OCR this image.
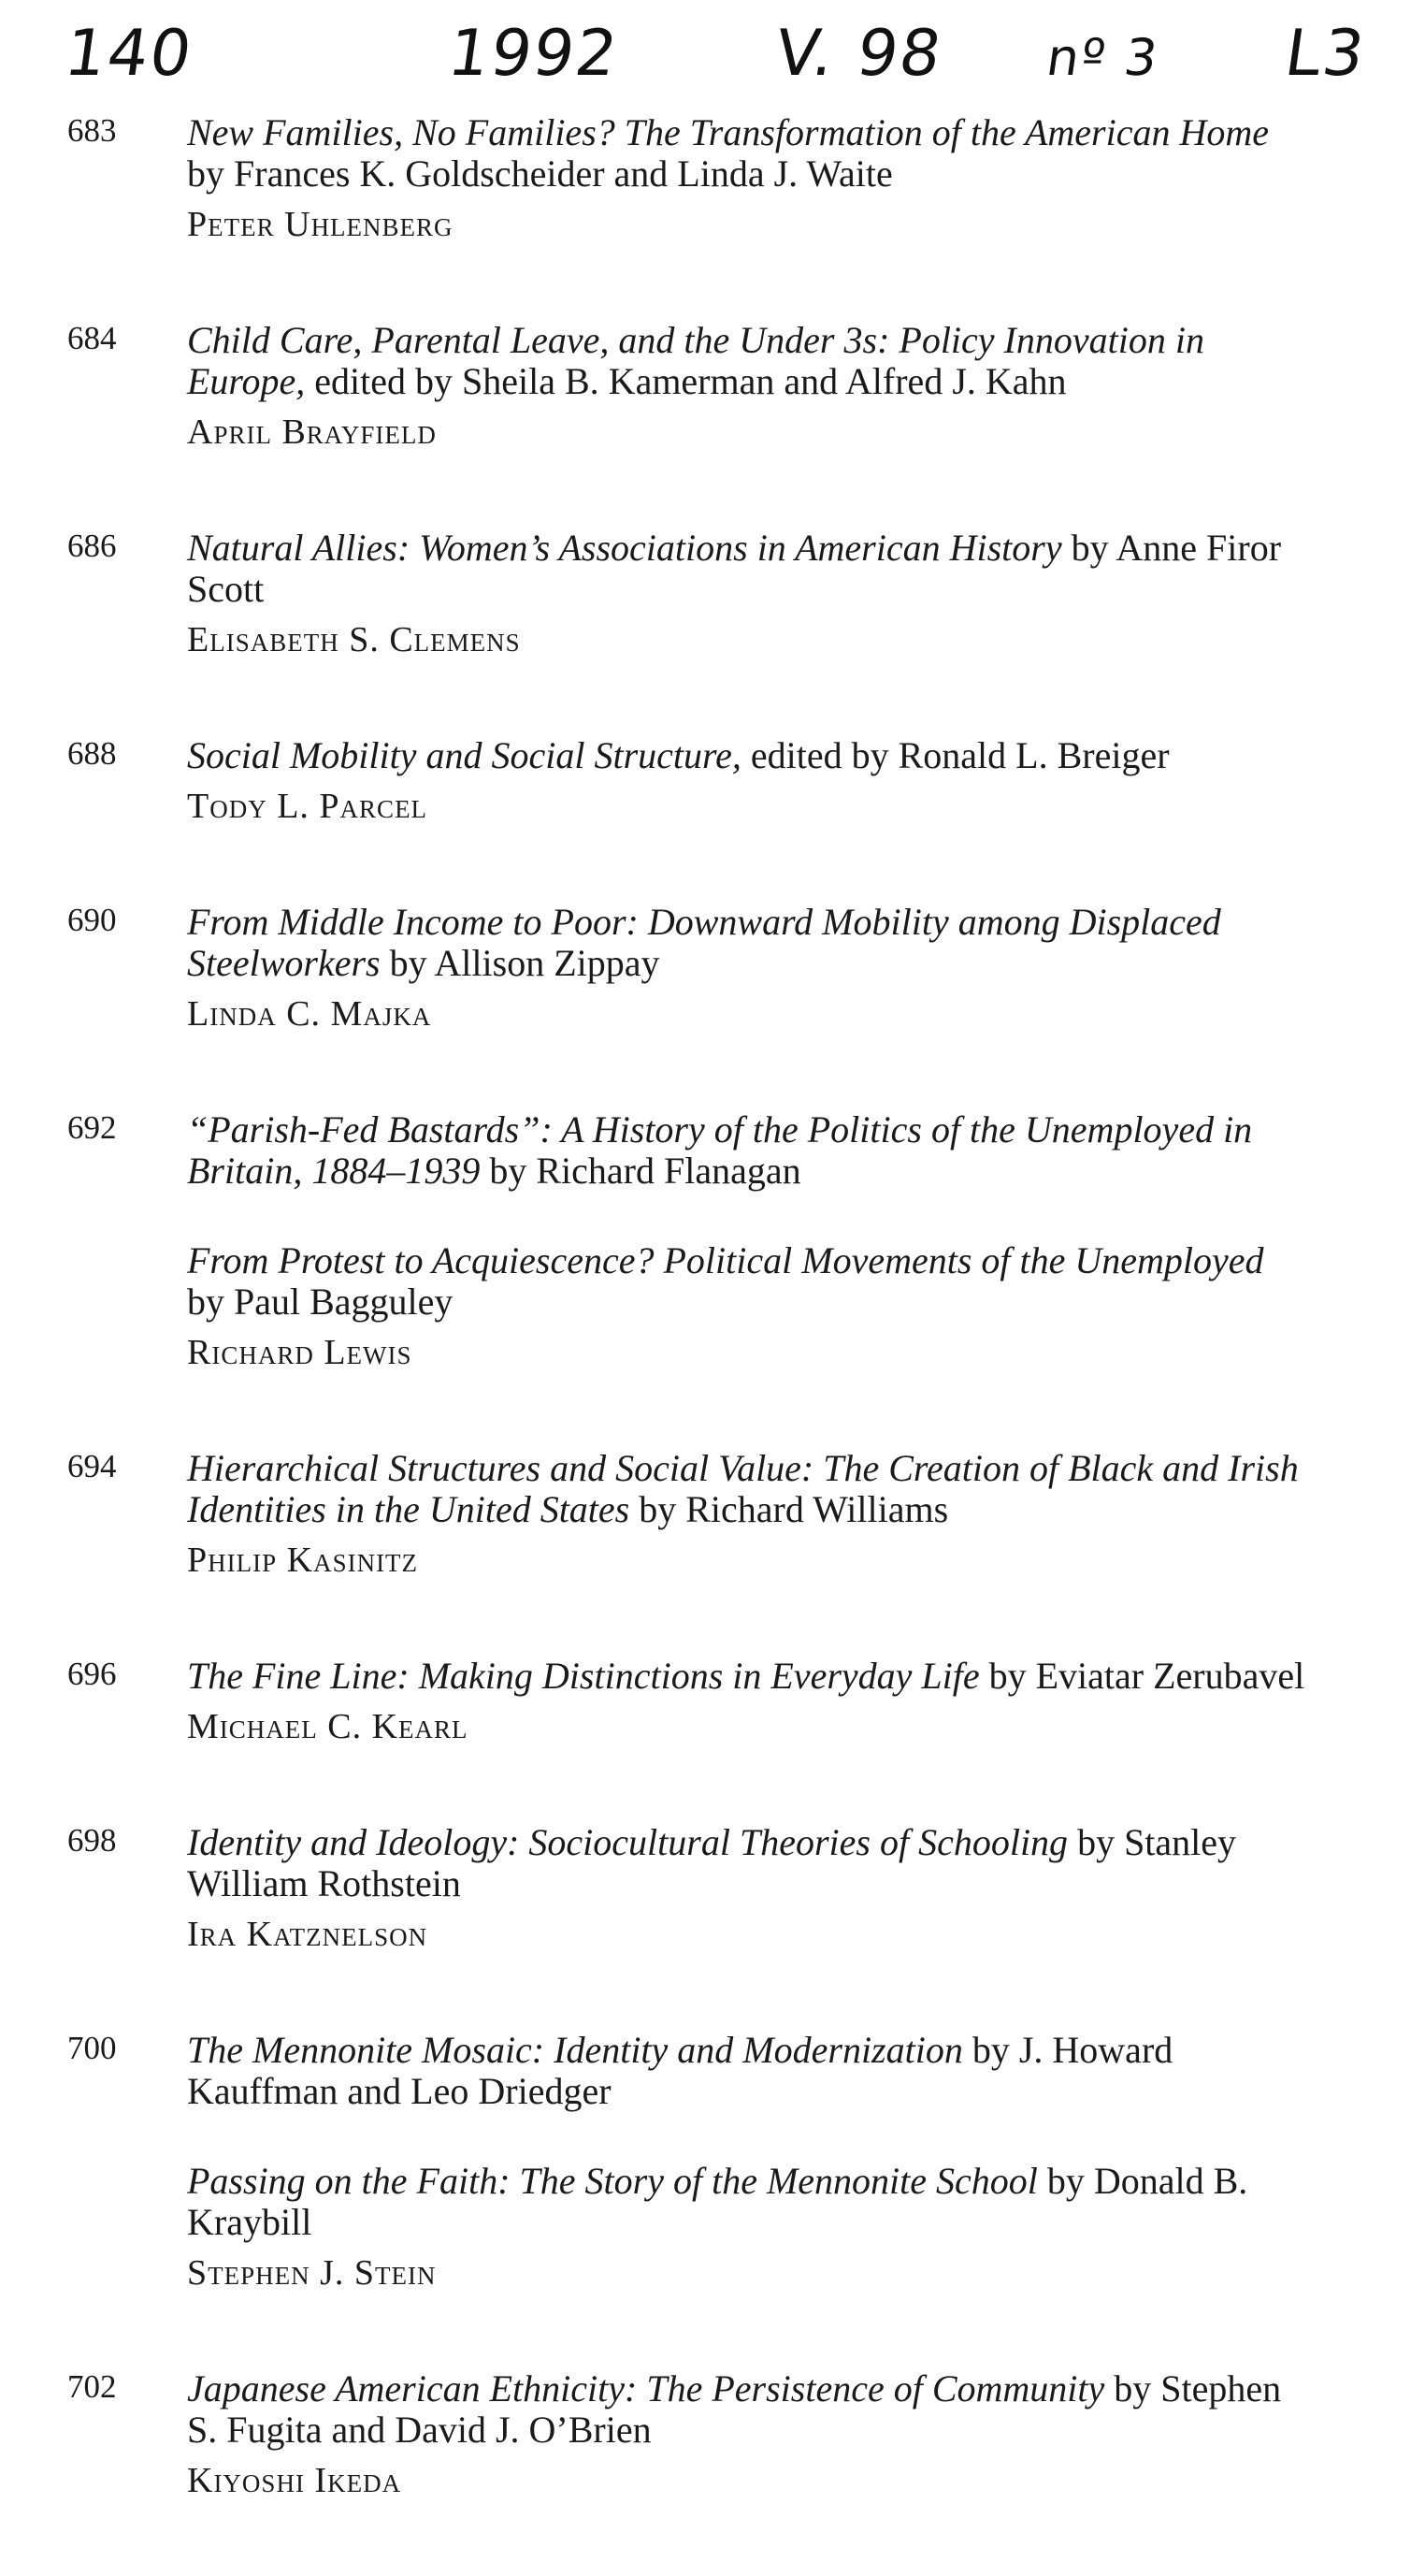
140	1992 V. 98 nº 3 L3
683	New Families, No Families? The Transformation of the American Home by Frances K. Goldscheider and Linda J. Waite
Peter Uhlenberg
684	Child Care, Parental Leave, and the Under 3s: Policy Innovation in Europe, edited by Sheila B. Kamerman and Alfred J. Kahn
April Brayfield
686	Natural Allies: Women’s Associations in American History by Anne Firor Scott
Elisabeth S. Clemens
688	Social Mobility and Social Structure, edited by Ronald L. Breiger
Tody L. Parcel
690	From Middle Income to Poor: Downward Mobility among Displaced Steelworkers by Allison Zippay
Linda C. Majka
692	“Parish-Fed Bastards”: A History of the Politics of the Unemployed in Britain, 1884–1939 by Richard Flanagan
From Protest to Acquiescence? Political Movements of the Unemployed by Paul Bagguley
Richard Lewis
694	Hierarchical Structures and Social Value: The Creation of Black and Irish Identities in the United States by Richard Williams
Philip Kasinitz
696	The Fine Line: Making Distinctions in Everyday Life by Eviatar Zerubavel
Michael C. Kearl
698	Identity and Ideology: Sociocultural Theories of Schooling by Stanley William Rothstein
Ira Katznelson
700	The Mennonite Mosaic: Identity and Modernization by J. Howard Kauffman and Leo Driedger
Passing on the Faith: The Story of the Mennonite School by Donald B. Kraybill
Stephen J. Stein
702	Japanese American Ethnicity: The Persistence of Community by Stephen S. Fugita and David J. O’Brien
Kiyoshi Ikeda
